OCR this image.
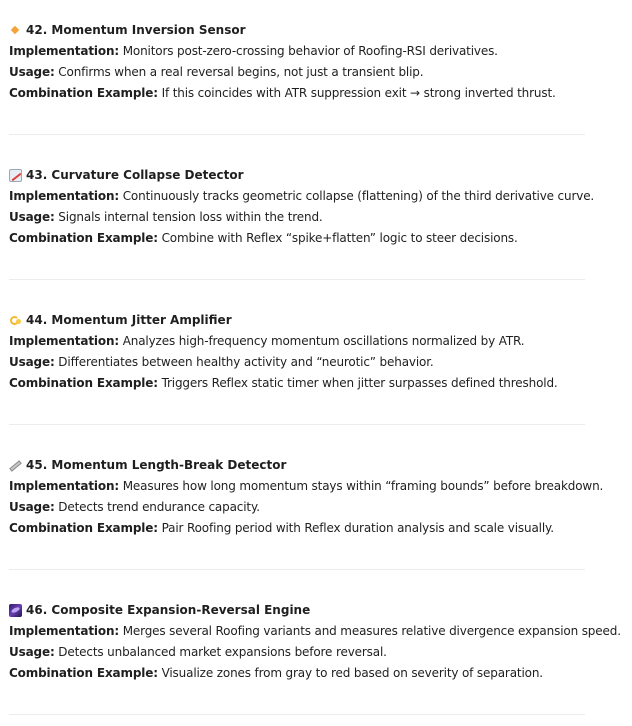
42. Momentum Inversion Sensor
Implementation: Monitors post-zero-crossing behavior of Roofing-RSI derivatives.
Usage: Confirms when a real reversal begins, not just a transient blip.
Combination Example: If this coincides with ATR suppression exit → strong inverted thrust.
43. Curvature Collapse Detector
Implementation: Continuously tracks geometric collapse (flattening) of the third derivative curve.
Usage: Signals internal tension loss within the trend.
Combination Example: Combine with Reflex “spike+flatten” logic to steer decisions.
44. Momentum Jitter Amplifier
Implementation: Analyzes high-frequency momentum oscillations normalized by ATR.
Usage: Differentiates between healthy activity and “neurotic” behavior.
Combination Example: Triggers Reflex static timer when jitter surpasses defined threshold.
45. Momentum Length-Break Detector
Implementation: Measures how long momentum stays within “framing bounds” before breakdown.
Usage: Detects trend endurance capacity.
Combination Example: Pair Roofing period with Reflex duration analysis and scale visually.
46. Composite Expansion-Reversal Engine
Implementation: Merges several Roofing variants and measures relative divergence expansion speed.
Usage: Detects unbalanced market expansions before reversal.
Combination Example: Visualize zones from gray to red based on severity of separation.
